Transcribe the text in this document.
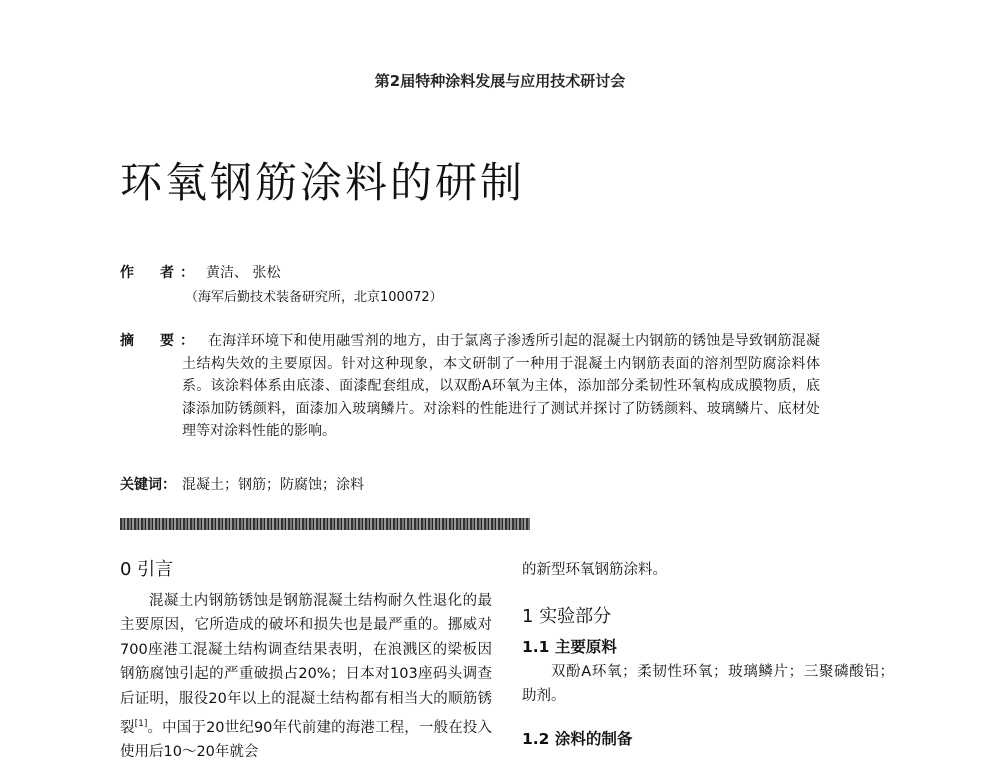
第2届特种涂料发展与应用技术研讨会
环氧钢筋涂料的研制
作　者： 黄洁、 张松
（海军后勤技术装备研究所，北京100072）
摘　要： 在海洋环境下和使用融雪剂的地方，由于氯离子渗透所引起的混凝土内钢筋的锈蚀是导致钢筋混凝土结构失效的主要原因。针对这种现象，本文研制了一种用于混凝土内钢筋表面的溶剂型防腐涂料体系。该涂料体系由底漆、面漆配套组成，以双酚A环氧为主体，添加部分柔韧性环氧构成成膜物质，底漆添加防锈颜料，面漆加入玻璃鳞片。对涂料的性能进行了测试并探讨了防锈颜料、玻璃鳞片、底材处理等对涂料性能的影响。
关键词： 混凝土；钢筋；防腐蚀；涂料
0 引言

混凝土内钢筋锈蚀是钢筋混凝土结构耐久性退化的最主要原因，它所造成的破坏和损失也是最严重的。挪威对700座港工混凝土结构调查结果表明，在浪溅区的梁板因钢筋腐蚀引起的严重破损占20%；日本对103座码头调查后证明，服役20年以上的混凝土结构都有相当大的顺筋锈裂[1]。中国于20世纪90年代前建的海港工程，一般在投入使用后10～20年就会

的新型环氧钢筋涂料。

1 实验部分
1.1 主要原料

双酚A环氧；柔韧性环氧；玻璃鳞片；三聚磷酸铝；助剂。

1.2 涂料的制备
